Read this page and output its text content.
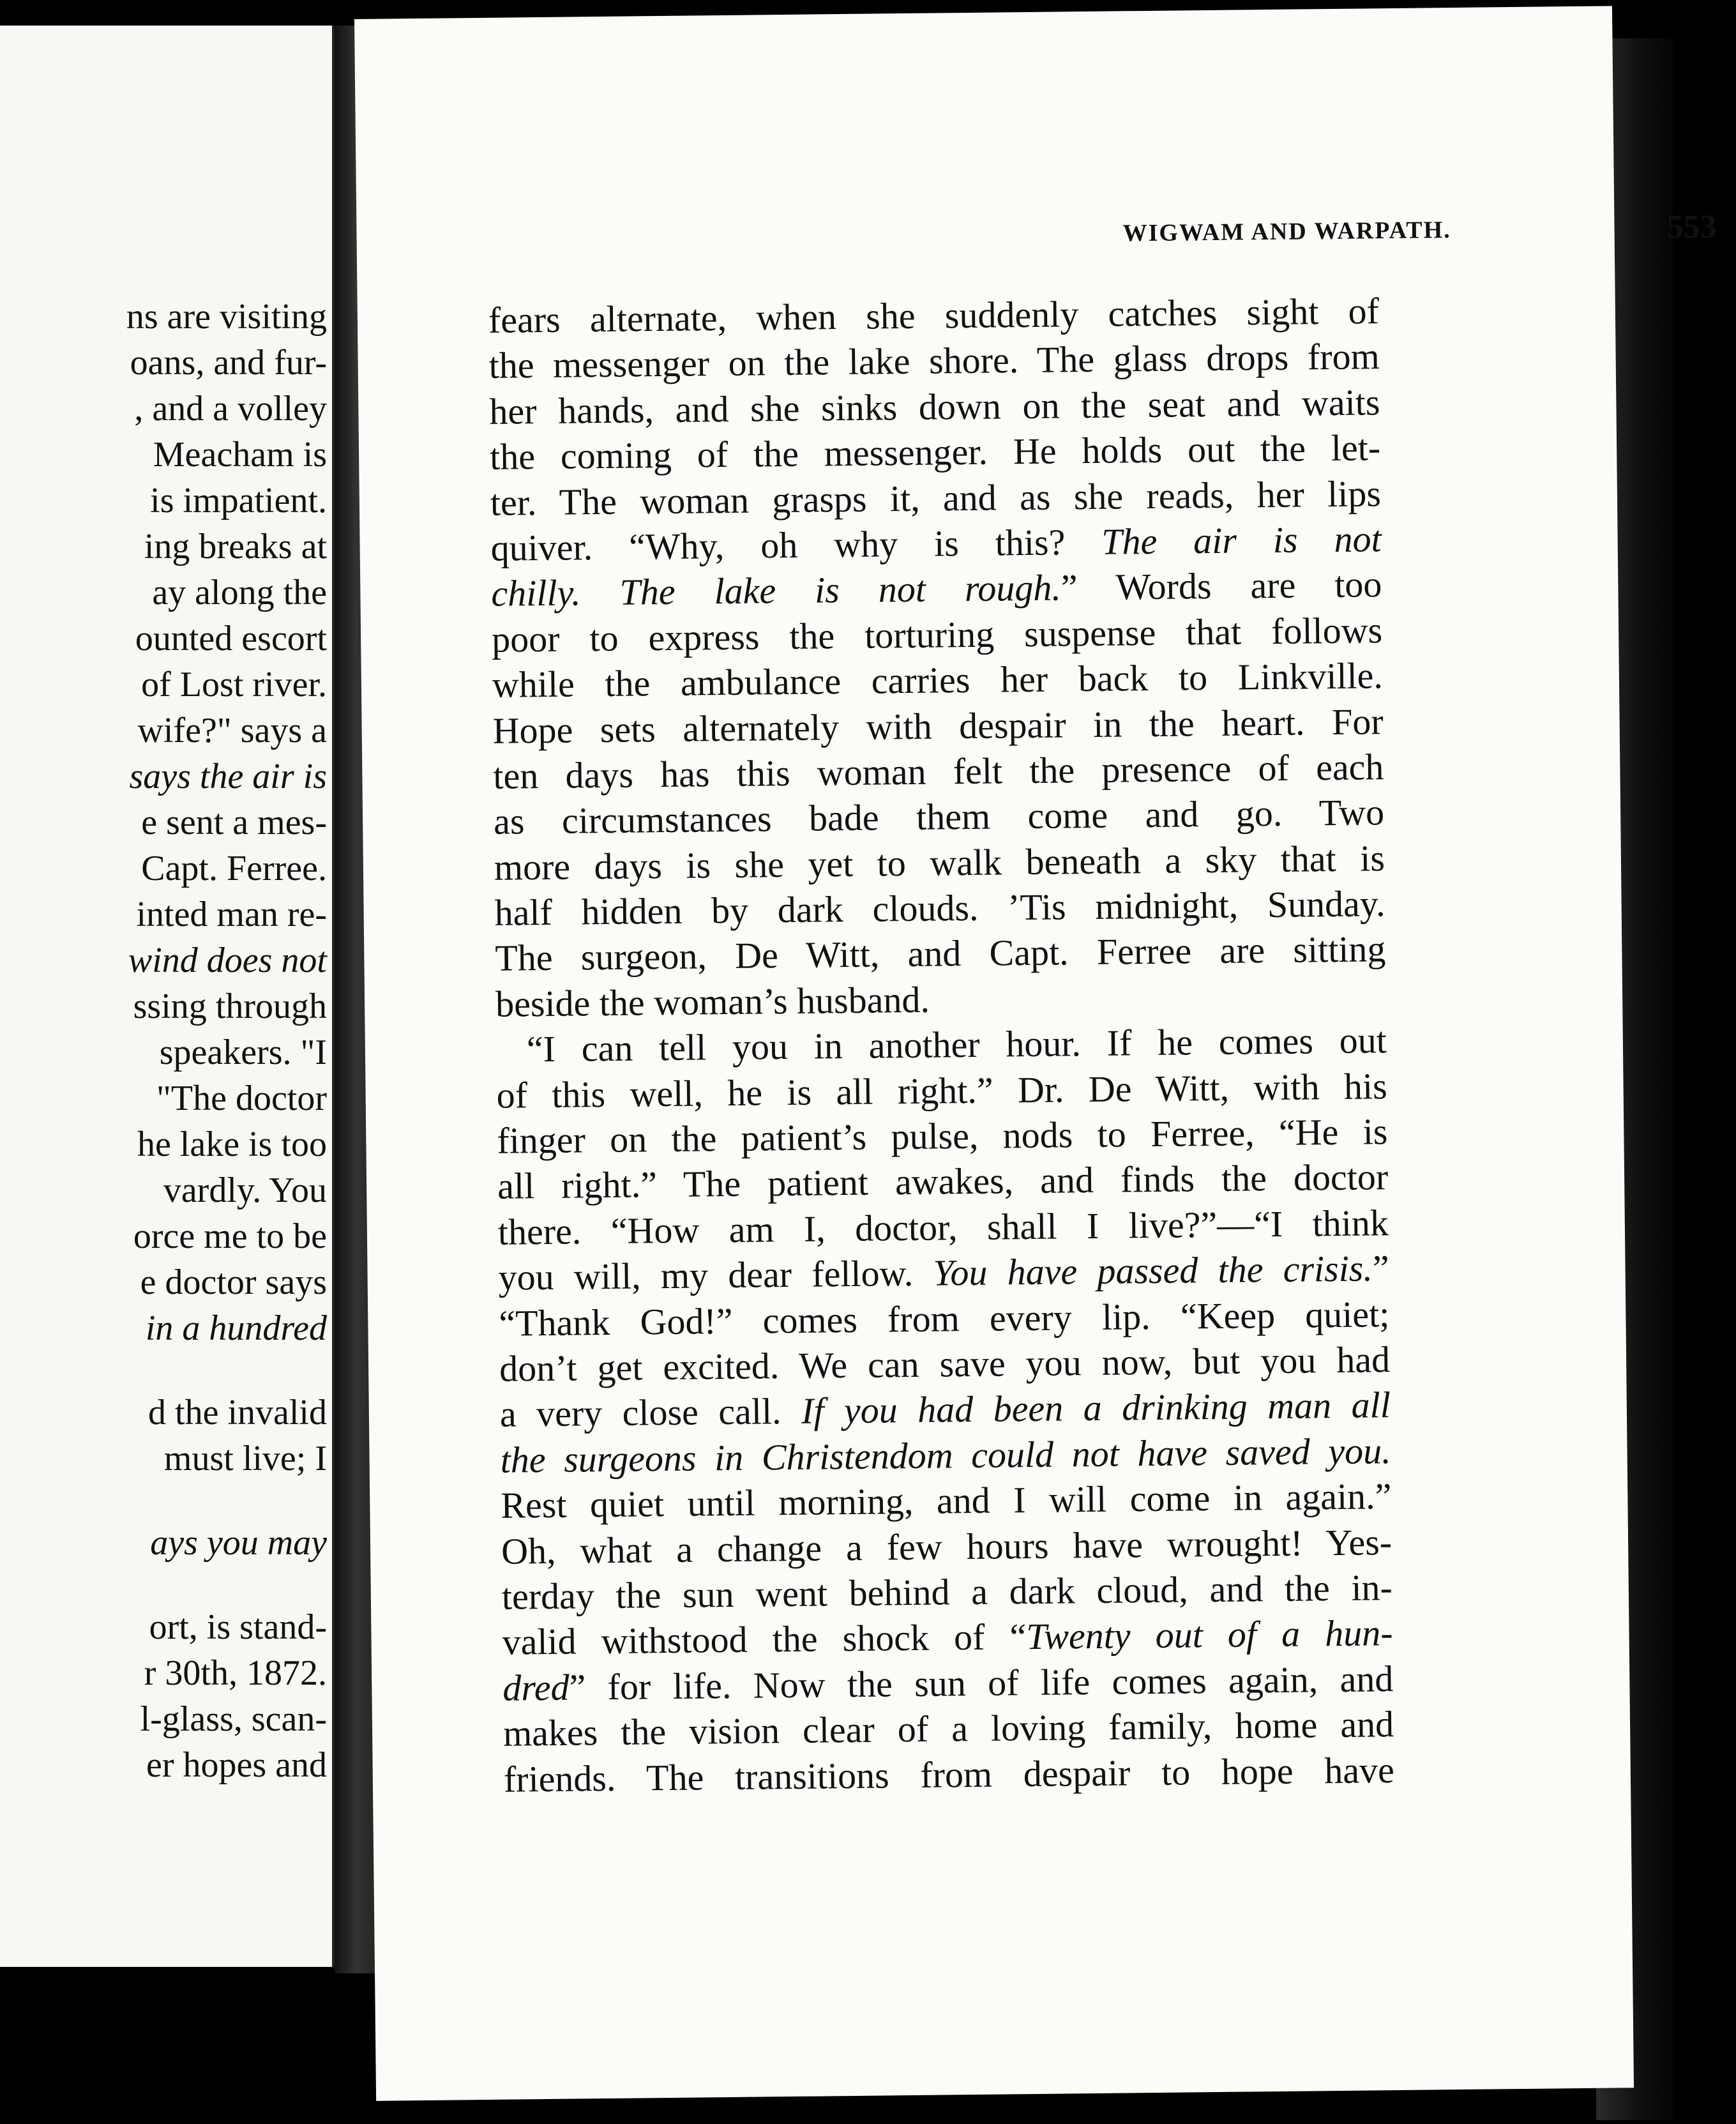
ns are visiting
oans, and fur-
, and a volley
Meacham is
is impatient.
ing breaks at
ay along the
ounted escort
of Lost river.
wife?" says a
says the air is
e sent a mes-
Capt. Ferree.
inted man re-
wind does not
ssing through
speakers. "I
"The doctor
he lake is too
vardly. You
orce me to be
e doctor says
in a hundred
d the invalid
must live; I
ays you may
ort, is stand-
r 30th, 1872.
l-glass, scan-
er hopes and
WIGWAM AND WARPATH.	553
fears alternate, when she suddenly catches sight of
the messenger on the lake shore. The glass drops from
her hands, and she sinks down on the seat and waits
the coming of the messenger. He holds out the let-
ter. The woman grasps it, and as she reads, her lips
quiver. “Why, oh why is this? The air is not
chilly. The lake is not rough.” Words are too
poor to express the torturing suspense that follows
while the ambulance carries her back to Linkville.
Hope sets alternately with despair in the heart. For
ten days has this woman felt the presence of each
as circumstances bade them come and go. Two
more days is she yet to walk beneath a sky that is
half hidden by dark clouds. ’Tis midnight, Sunday.
The surgeon, De Witt, and Capt. Ferree are sitting
beside the woman’s husband.
“I can tell you in another hour. If he comes out
of this well, he is all right.” Dr. De Witt, with his
finger on the patient’s pulse, nods to Ferree, “He is
all right.” The patient awakes, and finds the doctor
there. “How am I, doctor, shall I live?”—“I think
you will, my dear fellow. You have passed the crisis.”
“Thank God!” comes from every lip. “Keep quiet;
don’t get excited. We can save you now, but you had
a very close call. If you had been a drinking man all
the surgeons in Christendom could not have saved you.
Rest quiet until morning, and I will come in again.”
Oh, what a change a few hours have wrought! Yes-
terday the sun went behind a dark cloud, and the in-
valid withstood the shock of “Twenty out of a hun-
dred” for life. Now the sun of life comes again, and
makes the vision clear of a loving family, home and
friends. The transitions from despair to hope have
